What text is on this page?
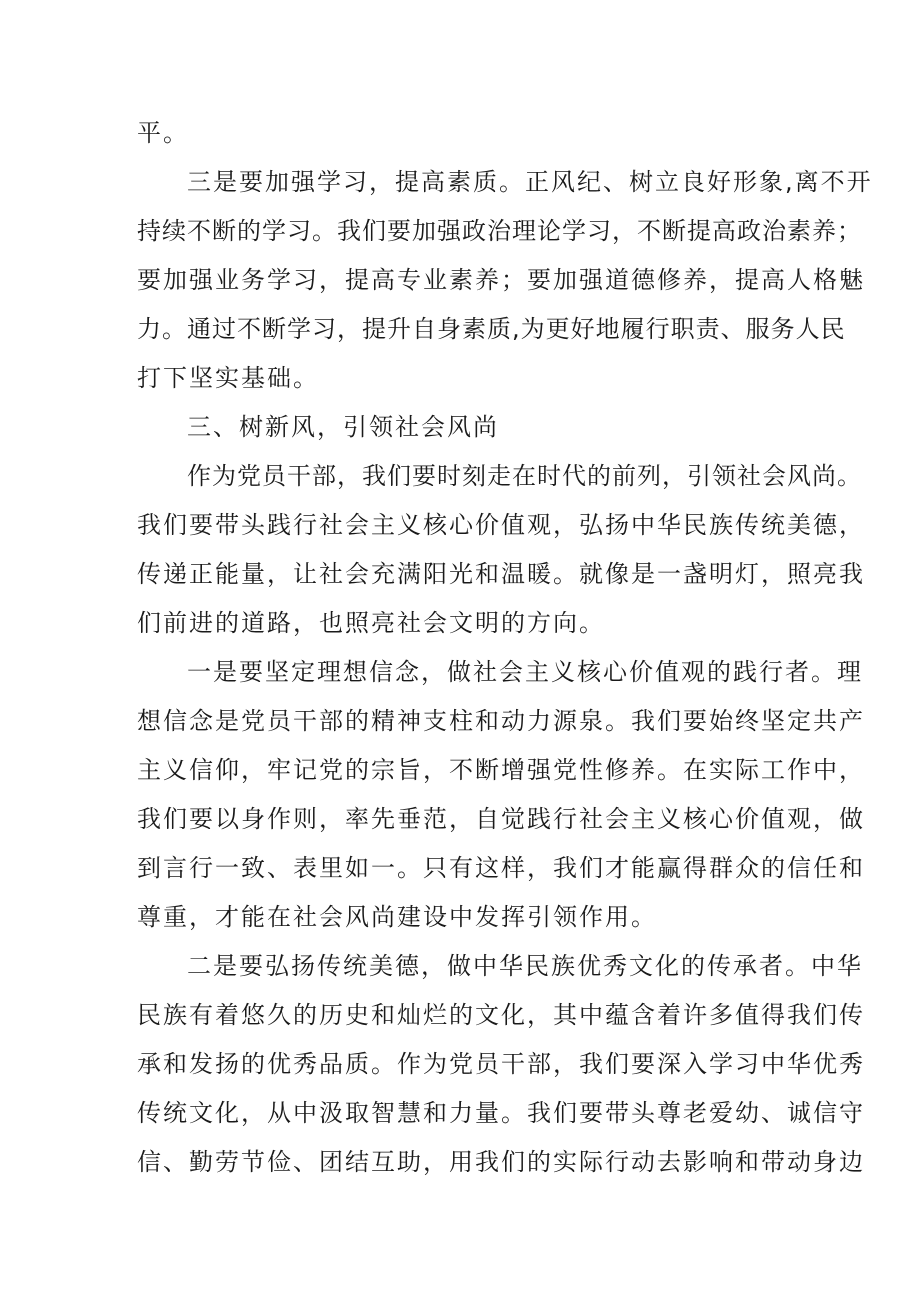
平。
三是要加强学习，提高素质。正风纪、树立良好形象,离不开
持续不断的学习。我们要加强政治理论学习，不断提高政治素养；
要加强业务学习，提高专业素养；要加强道德修养，提高人格魅
力。通过不断学习，提升自身素质,为更好地履行职责、服务人民
打下坚实基础。
三、树新风，引领社会风尚
作为党员干部，我们要时刻走在时代的前列，引领社会风尚。
我们要带头践行社会主义核心价值观，弘扬中华民族传统美德，
传递正能量，让社会充满阳光和温暖。就像是一盏明灯，照亮我
们前进的道路，也照亮社会文明的方向。
一是要坚定理想信念，做社会主义核心价值观的践行者。理
想信念是党员干部的精神支柱和动力源泉。我们要始终坚定共产
主义信仰，牢记党的宗旨，不断增强党性修养。在实际工作中，
我们要以身作则，率先垂范，自觉践行社会主义核心价值观，做
到言行一致、表里如一。只有这样，我们才能赢得群众的信任和
尊重，才能在社会风尚建设中发挥引领作用。
二是要弘扬传统美德，做中华民族优秀文化的传承者。中华
民族有着悠久的历史和灿烂的文化，其中蕴含着许多值得我们传
承和发扬的优秀品质。作为党员干部，我们要深入学习中华优秀
传统文化，从中汲取智慧和力量。我们要带头尊老爱幼、诚信守
信、勤劳节俭、团结互助，用我们的实际行动去影响和带动身边
